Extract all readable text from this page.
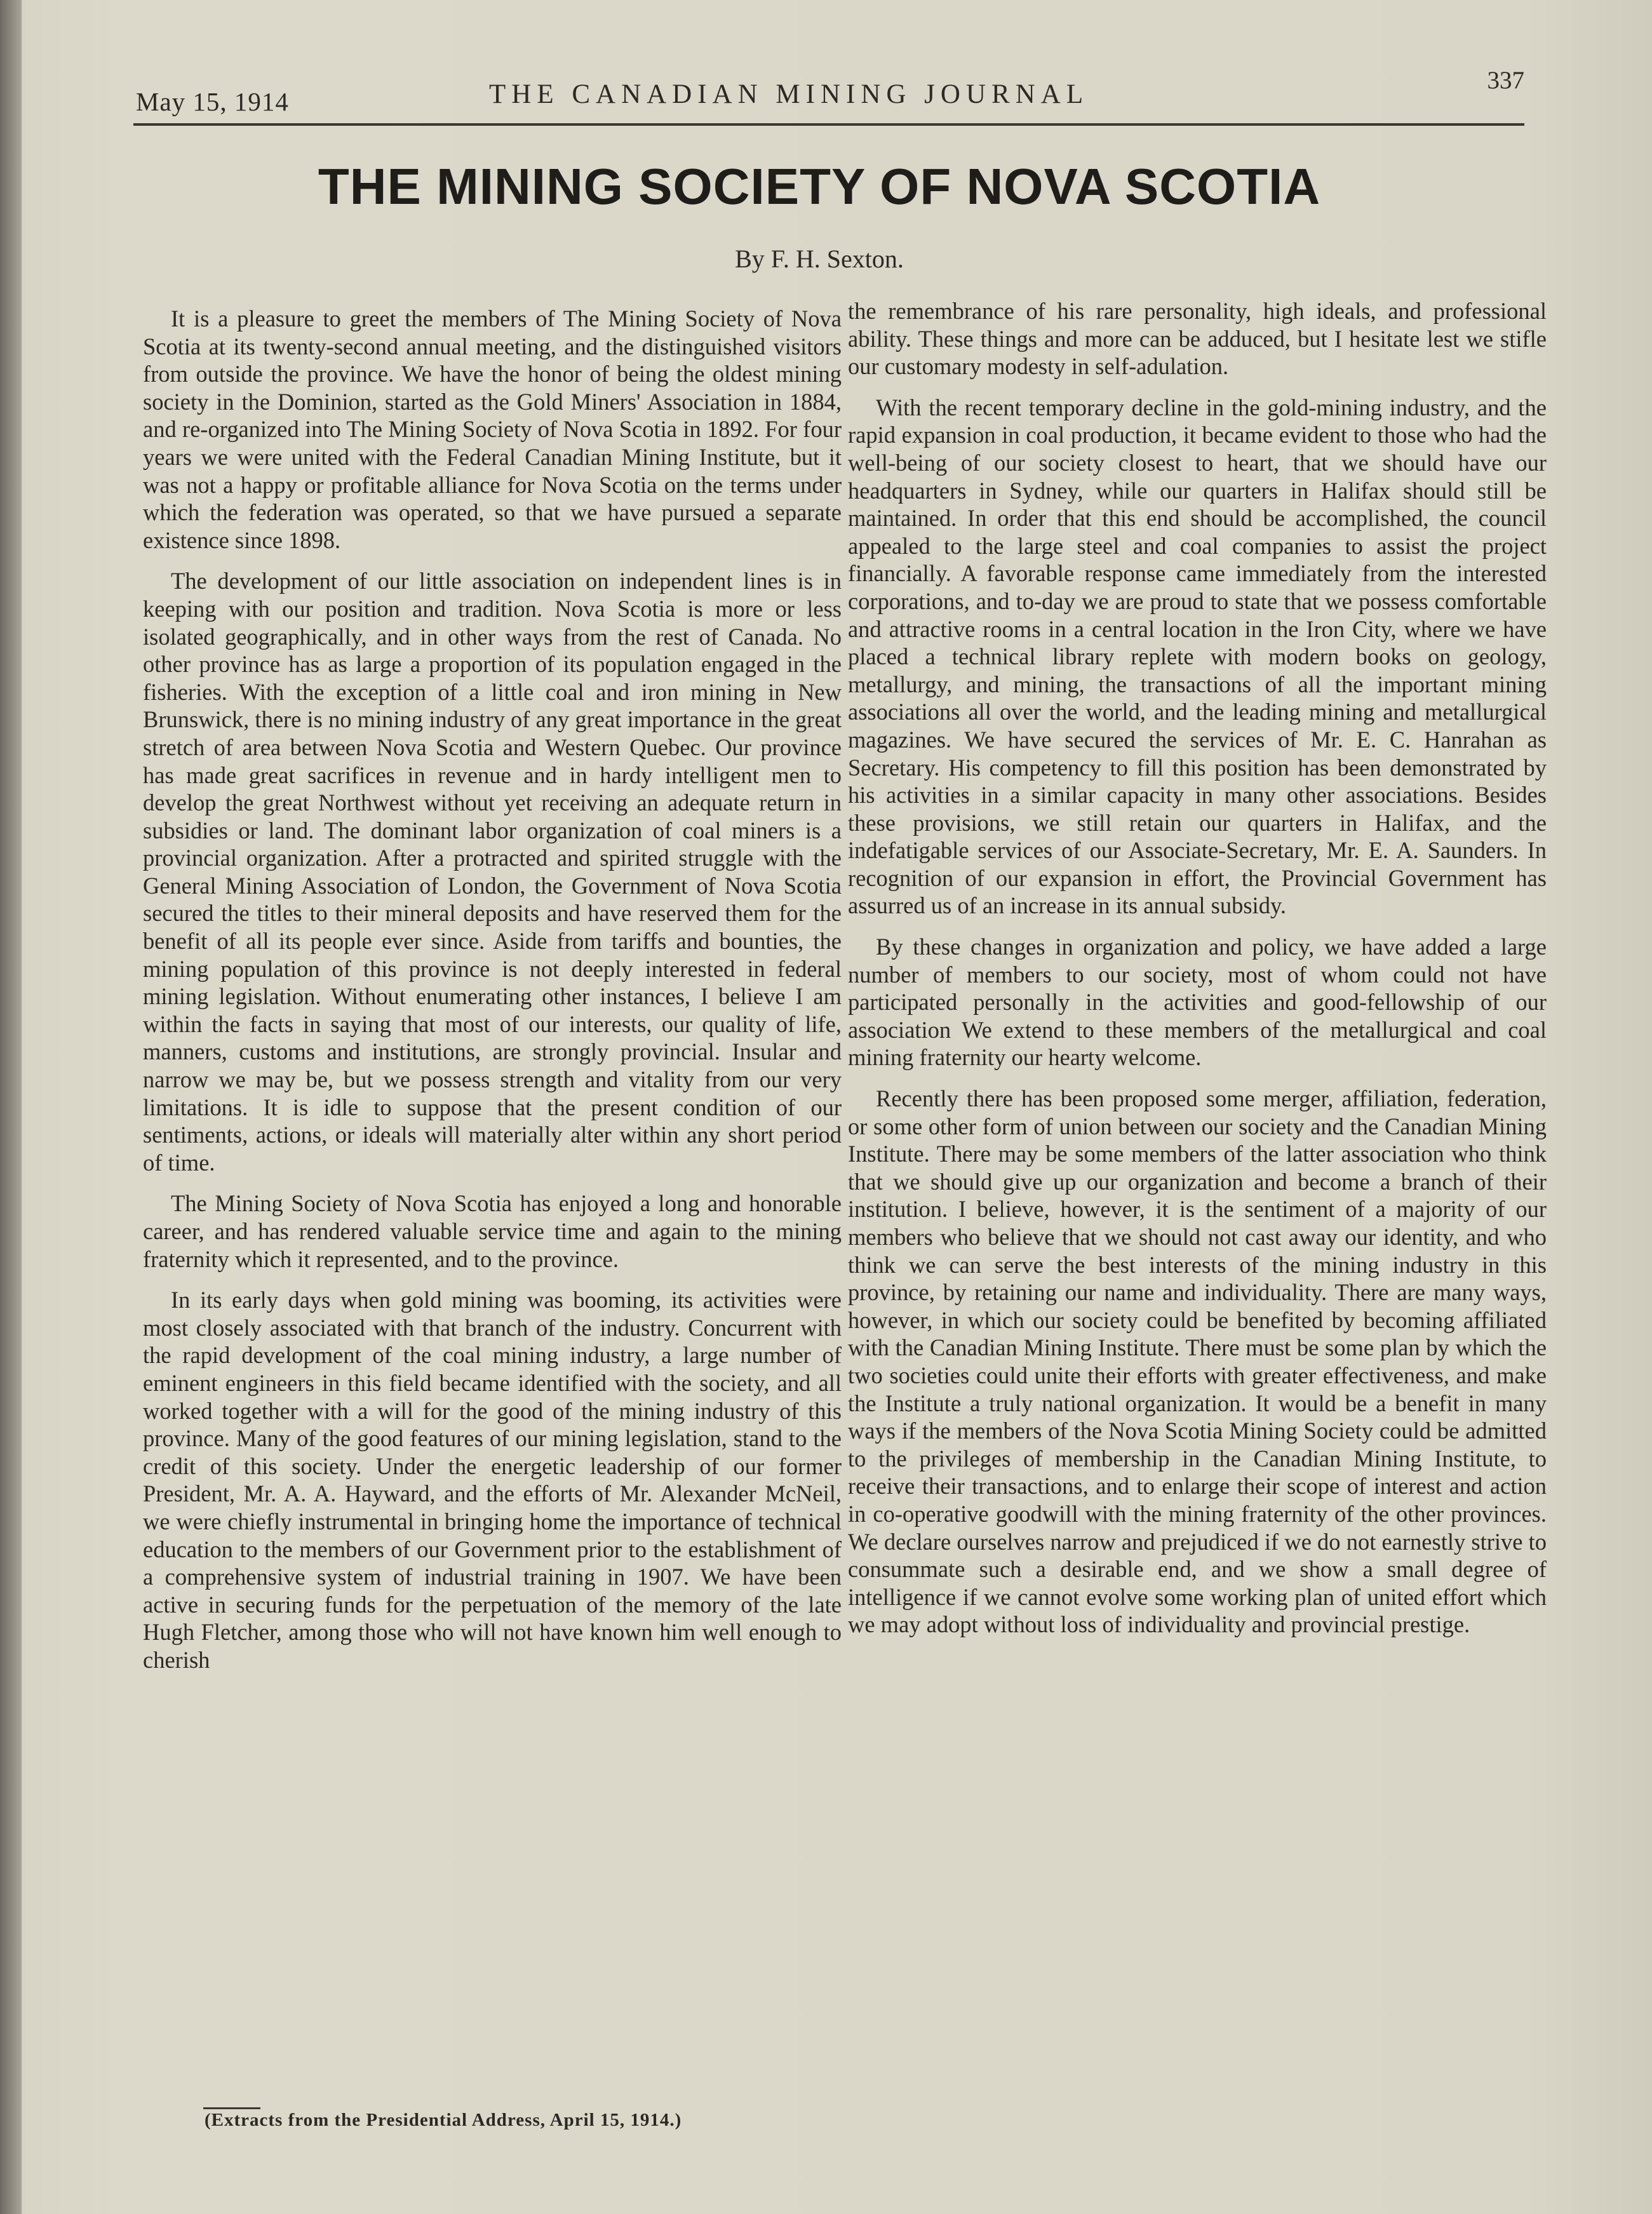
May 15, 1914	THE CANADIAN MINING JOURNAL	337
THE MINING SOCIETY OF NOVA SCOTIA
By F. H. Sexton.

It is a pleasure to greet the members of The Mining Society of Nova Scotia at its twenty-second annual meeting, and the distinguished visitors from outside the province. We have the honor of being the oldest mining society in the Dominion, started as the Gold Miners' Association in 1884, and re-organized into The Mining Society of Nova Scotia in 1892. For four years we were united with the Federal Canadian Mining Institute, but it was not a happy or profitable alliance for Nova Scotia on the terms under which the federation was operated, so that we have pursued a separate existence since 1898.

The development of our little association on independent lines is in keeping with our position and tradition. Nova Scotia is more or less isolated geographically, and in other ways from the rest of Canada. No other province has as large a proportion of its population engaged in the fisheries. With the exception of a little coal and iron mining in New Brunswick, there is no mining industry of any great importance in the great stretch of area between Nova Scotia and Western Quebec. Our province has made great sacrifices in revenue and in hardy intelligent men to develop the great Northwest without yet receiving an adequate return in subsidies or land. The dominant labor organization of coal miners is a provincial organization. After a protracted and spirited struggle with the General Mining Association of London, the Government of Nova Scotia secured the titles to their mineral deposits and have reserved them for the benefit of all its people ever since. Aside from tariffs and bounties, the mining population of this province is not deeply interested in federal mining legislation. Without enumerating other instances, I believe I am within the facts in saying that most of our interests, our quality of life, manners, customs and institutions, are strongly provincial. Insular and narrow we may be, but we possess strength and vitality from our very limitations. It is idle to suppose that the present condition of our sentiments, actions, or ideals will materially alter within any short period of time.

The Mining Society of Nova Scotia has enjoyed a long and honorable career, and has rendered valuable service time and again to the mining fraternity which it represented, and to the province.

In its early days when gold mining was booming, its activities were most closely associated with that branch of the industry. Concurrent with the rapid development of the coal mining industry, a large number of eminent engineers in this field became identified with the society, and all worked together with a will for the good of the mining industry of this province. Many of the good features of our mining legislation, stand to the credit of this society. Under the energetic leadership of our former President, Mr. A. A. Hayward, and the efforts of Mr. Alexander McNeil, we were chiefly instrumental in bringing home the importance of technical education to the members of our Government prior to the establishment of a comprehensive system of industrial training in 1907. We have been active in securing funds for the perpetuation of the memory of the late Hugh Fletcher, among those who will not have known him well enough to cherish

the remembrance of his rare personality, high ideals, and professional ability. These things and more can be adduced, but I hesitate lest we stifle our customary modesty in self-adulation.

With the recent temporary decline in the gold-mining industry, and the rapid expansion in coal production, it became evident to those who had the well-being of our society closest to heart, that we should have our headquarters in Sydney, while our quarters in Halifax should still be maintained. In order that this end should be accomplished, the council appealed to the large steel and coal companies to assist the project financially. A favorable response came immediately from the interested corporations, and to-day we are proud to state that we possess comfortable and attractive rooms in a central location in the Iron City, where we have placed a technical library replete with modern books on geology, metallurgy, and mining, the transactions of all the important mining associations all over the world, and the leading mining and metallurgical magazines. We have secured the services of Mr. E. C. Hanrahan as Secretary. His competency to fill this position has been demonstrated by his activities in a similar capacity in many other associations. Besides these provisions, we still retain our quarters in Halifax, and the indefatigable services of our Associate-Secretary, Mr. E. A. Saunders. In recognition of our expansion in effort, the Provincial Government has assurred us of an increase in its annual subsidy.

By these changes in organization and policy, we have added a large number of members to our society, most of whom could not have participated personally in the activities and good-fellowship of our association We extend to these members of the metallurgical and coal mining fraternity our hearty welcome.

Recently there has been proposed some merger, affiliation, federation, or some other form of union between our society and the Canadian Mining Institute. There may be some members of the latter association who think that we should give up our organization and become a branch of their institution. I believe, however, it is the sentiment of a majority of our members who believe that we should not cast away our identity, and who think we can serve the best interests of the mining industry in this province, by retaining our name and individuality. There are many ways, however, in which our society could be benefited by becoming affiliated with the Canadian Mining Institute. There must be some plan by which the two societies could unite their efforts with greater effectiveness, and make the Institute a truly national organization. It would be a benefit in many ways if the members of the Nova Scotia Mining Society could be admitted to the privileges of membership in the Canadian Mining Institute, to receive their transactions, and to enlarge their scope of interest and action in co-operative goodwill with the mining fraternity of the other provinces. We declare ourselves narrow and prejudiced if we do not earnestly strive to consummate such a desirable end, and we show a small degree of intelligence if we cannot evolve some working plan of united effort which we may adopt without loss of individuality and provincial prestige.

(Extracts from the Presidential Address, April 15, 1914.)
